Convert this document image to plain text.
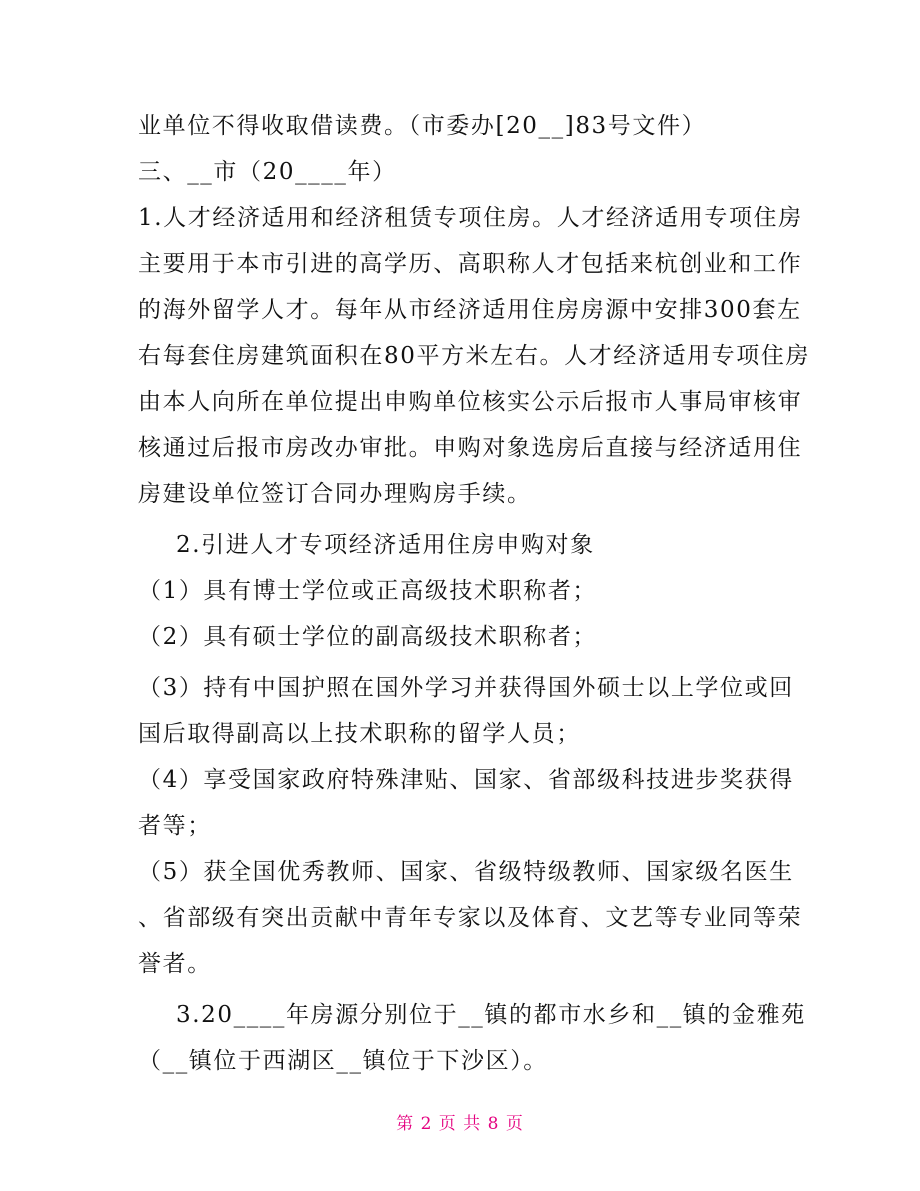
业单位不得收取借读费。（市委办[20__]83号文件）
三、__市（20____年）
1.人才经济适用和经济租赁专项住房。人才经济适用专项住房
主要用于本市引进的高学历、高职称人才包括来杭创业和工作
的海外留学人才。每年从市经济适用住房房源中安排300套左
右每套住房建筑面积在80平方米左右。人才经济适用专项住房
由本人向所在单位提出申购单位核实公示后报市人事局审核审
核通过后报市房改办审批。申购对象选房后直接与经济适用住
房建设单位签订合同办理购房手续。
2.引进人才专项经济适用住房申购对象
（1）具有博士学位或正高级技术职称者；
（2）具有硕士学位的副高级技术职称者；
（3）持有中国护照在国外学习并获得国外硕士以上学位或回
国后取得副高以上技术职称的留学人员；
（4）享受国家政府特殊津贴、国家、省部级科技进步奖获得
者等；
（5）获全国优秀教师、国家、省级特级教师、国家级名医生
、省部级有突出贡献中青年专家以及体育、文艺等专业同等荣
誉者。
3.20____年房源分别位于__镇的都市水乡和__镇的金雅苑
（__镇位于西湖区__镇位于下沙区）。
第 2 页 共 8 页
